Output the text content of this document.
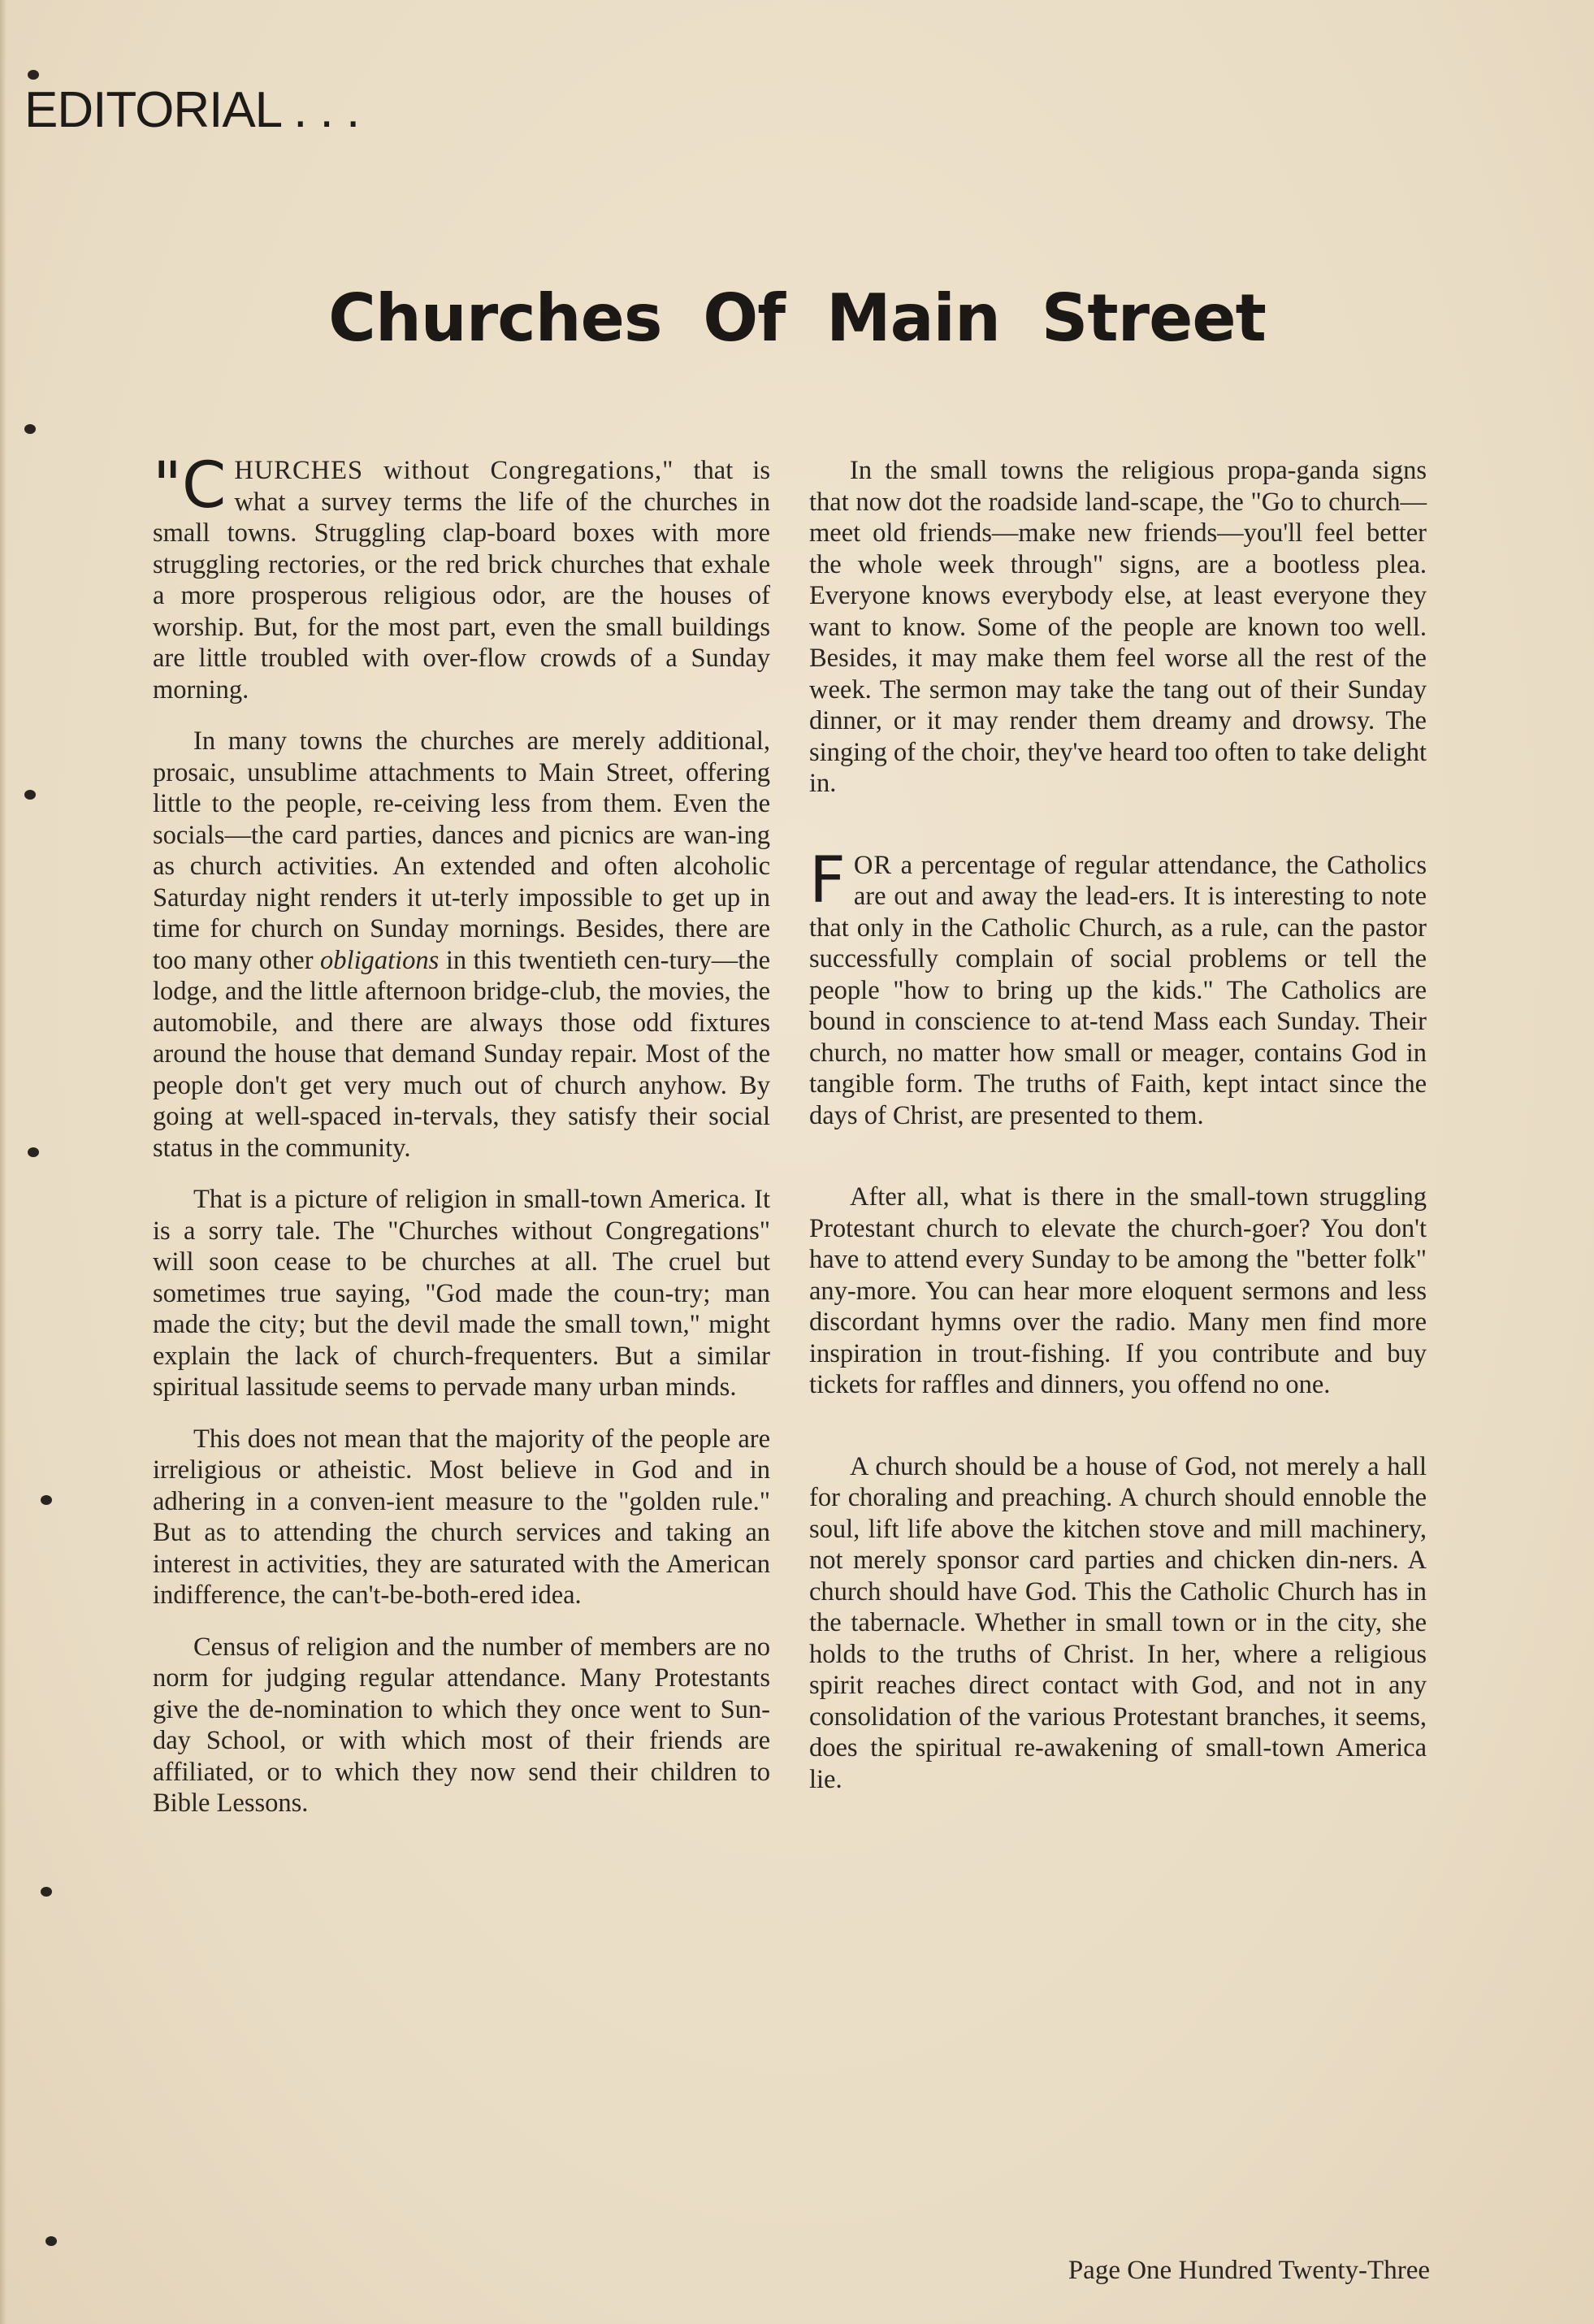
EDITORIAL . . .
Churches Of Main Street

"CHURCHES without Congregations," that is what a survey terms the life of the churches in small towns. Struggling clap-board boxes with more struggling rectories, or the red brick churches that exhale a more prosperous religious odor, are the houses of worship. But, for the most part, even the small buildings are little troubled with over-flow crowds of a Sunday morning.

In many towns the churches are merely additional, prosaic, unsublime attachments to Main Street, offering little to the people, re-ceiving less from them. Even the socials—the card parties, dances and picnics are wan-ing as church activities. An extended and often alcoholic Saturday night renders it ut-terly impossible to get up in time for church on Sunday mornings. Besides, there are too many other obligations in this twentieth cen-tury—the lodge, and the little afternoon bridge-club, the movies, the automobile, and there are always those odd fixtures around the house that demand Sunday repair. Most of the people don't get very much out of church anyhow. By going at well-spaced in-tervals, they satisfy their social status in the community.

That is a picture of religion in small-town America. It is a sorry tale. The "Churches without Congregations" will soon cease to be churches at all. The cruel but sometimes true saying, "God made the coun-try; man made the city; but the devil made the small town," might explain the lack of church-frequenters. But a similar spiritual lassitude seems to pervade many urban minds.

This does not mean that the majority of the people are irreligious or atheistic. Most believe in God and in adhering in a conven-ient measure to the "golden rule." But as to attending the church services and taking an interest in activities, they are saturated with the American indifference, the can't-be-both-ered idea.

Census of religion and the number of members are no norm for judging regular attendance. Many Protestants give the de-nomination to which they once went to Sun-day School, or with which most of their friends are affiliated, or to which they now send their children to Bible Lessons.

In the small towns the religious propa-ganda signs that now dot the roadside land-scape, the "Go to church—meet old friends—make new friends—you'll feel better the whole week through" signs, are a bootless plea. Everyone knows everybody else, at least everyone they want to know. Some of the people are known too well. Besides, it may make them feel worse all the rest of the week. The sermon may take the tang out of their Sunday dinner, or it may render them dreamy and drowsy. The singing of the choir, they've heard too often to take delight in.

FOR a percentage of regular attendance, the Catholics are out and away the lead-ers. It is interesting to note that only in the Catholic Church, as a rule, can the pastor successfully complain of social problems or tell the people "how to bring up the kids." The Catholics are bound in conscience to at-tend Mass each Sunday. Their church, no matter how small or meager, contains God in tangible form. The truths of Faith, kept intact since the days of Christ, are presented to them.

After all, what is there in the small-town struggling Protestant church to elevate the church-goer? You don't have to attend every Sunday to be among the "better folk" any-more. You can hear more eloquent sermons and less discordant hymns over the radio. Many men find more inspiration in trout-fishing. If you contribute and buy tickets for raffles and dinners, you offend no one.

A church should be a house of God, not merely a hall for choraling and preaching. A church should ennoble the soul, lift life above the kitchen stove and mill machinery, not merely sponsor card parties and chicken din-ners. A church should have God. This the Catholic Church has in the tabernacle. Whether in small town or in the city, she holds to the truths of Christ. In her, where a religious spirit reaches direct contact with God, and not in any consolidation of the various Protestant branches, it seems, does the spiritual re-awakening of small-town America lie.

Page One Hundred Twenty-Three
